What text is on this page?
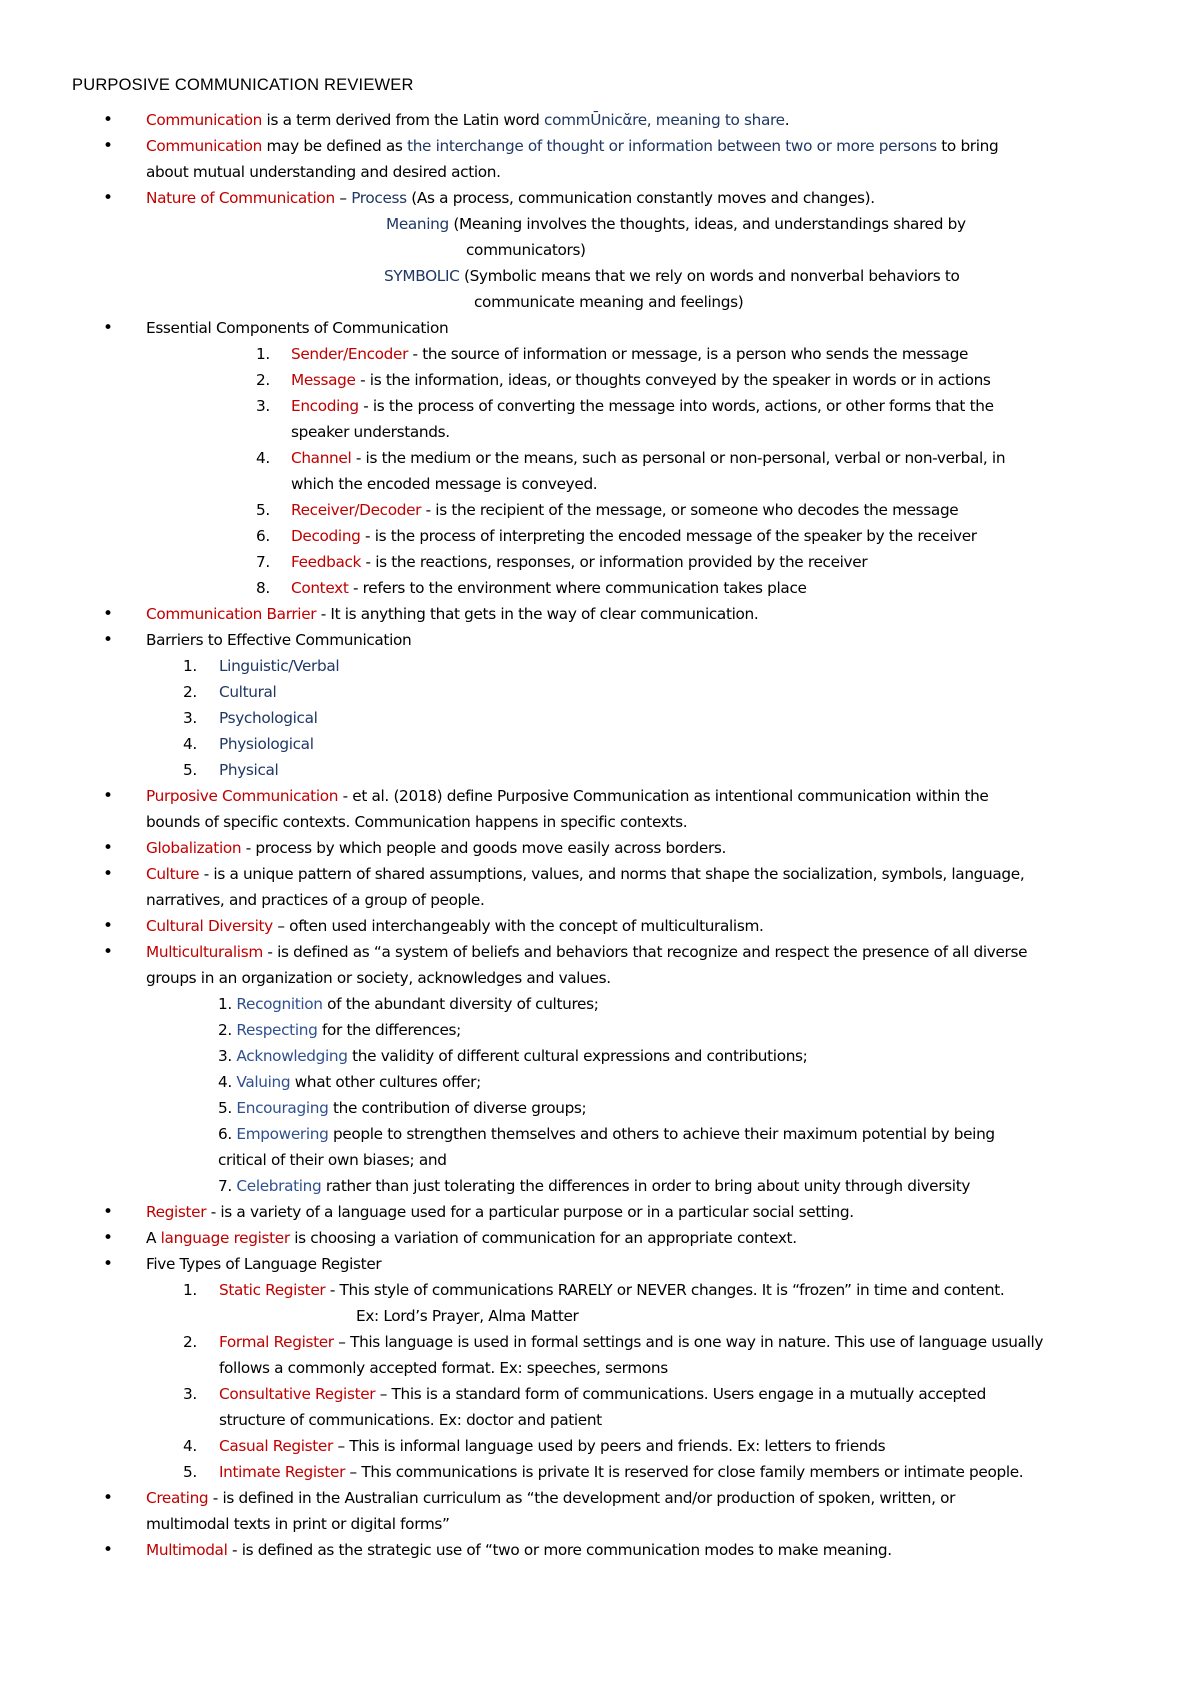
PURPOSIVE COMMUNICATION REVIEWER
• Communication is a term derived from the Latin word commŪnicᾰre, meaning to share.
• Communication may be defined as the interchange of thought or information between two or more persons to bring
about mutual understanding and desired action.
• Nature of Communication – Process (As a process, communication constantly moves and changes).
Meaning (Meaning involves the thoughts, ideas, and understandings shared by
communicators)
SYMBOLIC (Symbolic means that we rely on words and nonverbal behaviors to
communicate meaning and feelings)
• Essential Components of Communication
1. Sender/Encoder - the source of information or message, is a person who sends the message
2. Message - is the information, ideas, or thoughts conveyed by the speaker in words or in actions
3. Encoding - is the process of converting the message into words, actions, or other forms that the
speaker understands.
4. Channel - is the medium or the means, such as personal or non-personal, verbal or non-verbal, in
which the encoded message is conveyed.
5. Receiver/Decoder - is the recipient of the message, or someone who decodes the message
6. Decoding - is the process of interpreting the encoded message of the speaker by the receiver
7. Feedback - is the reactions, responses, or information provided by the receiver
8. Context - refers to the environment where communication takes place
• Communication Barrier - It is anything that gets in the way of clear communication.
• Barriers to Effective Communication
1. Linguistic/Verbal
2. Cultural
3. Psychological
4. Physiological
5. Physical
• Purposive Communication - et al. (2018) define Purposive Communication as intentional communication within the
bounds of specific contexts. Communication happens in specific contexts.
• Globalization - process by which people and goods move easily across borders.
• Culture - is a unique pattern of shared assumptions, values, and norms that shape the socialization, symbols, language,
narratives, and practices of a group of people.
• Cultural Diversity – often used interchangeably with the concept of multiculturalism.
• Multiculturalism - is defined as “a system of beliefs and behaviors that recognize and respect the presence of all diverse
groups in an organization or society, acknowledges and values.
1. Recognition of the abundant diversity of cultures;
2. Respecting for the differences;
3. Acknowledging the validity of different cultural expressions and contributions;
4. Valuing what other cultures offer;
5. Encouraging the contribution of diverse groups;
6. Empowering people to strengthen themselves and others to achieve their maximum potential by being
critical of their own biases; and
7. Celebrating rather than just tolerating the differences in order to bring about unity through diversity
• Register - is a variety of a language used for a particular purpose or in a particular social setting.
• A language register is choosing a variation of communication for an appropriate context.
• Five Types of Language Register
1. Static Register - This style of communications RARELY or NEVER changes. It is “frozen” in time and content.
Ex: Lord’s Prayer, Alma Matter
2. Formal Register – This language is used in formal settings and is one way in nature. This use of language usually
follows a commonly accepted format. Ex: speeches, sermons
3. Consultative Register – This is a standard form of communications. Users engage in a mutually accepted
structure of communications. Ex: doctor and patient
4. Casual Register – This is informal language used by peers and friends. Ex: letters to friends
5. Intimate Register – This communications is private It is reserved for close family members or intimate people.
• Creating - is defined in the Australian curriculum as “the development and/or production of spoken, written, or
multimodal texts in print or digital forms”
• Multimodal - is defined as the strategic use of “two or more communication modes to make meaning.
